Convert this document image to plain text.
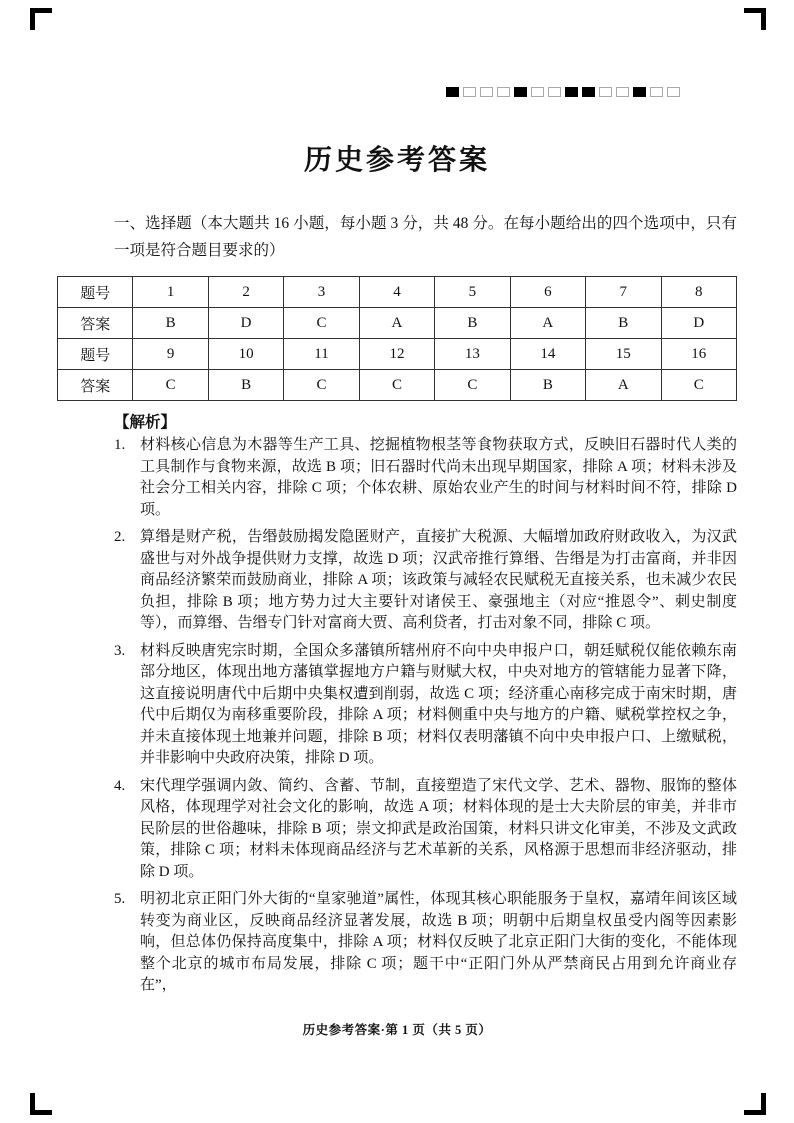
历史参考答案

一、选择题（本大题共 16 小题，每小题 3 分，共 48 分。在每小题给出的四个选项中，只有一项是符合题目要求的）

题号	1	2	3	4	5	6	7	8
答案	B	D	C	A	B	A	B	D
题号	9	10	11	12	13	14	15	16
答案	C	B	C	C	C	B	A	C

【解析】

1. 材料核心信息为木器等生产工具、挖掘植物根茎等食物获取方式，反映旧石器时代人类的工具制作与食物来源，故选 B 项；旧石器时代尚未出现早期国家，排除 A 项；材料未涉及社会分工相关内容，排除 C 项；个体农耕、原始农业产生的时间与材料时间不符，排除 D 项。
2. 算缗是财产税，告缗鼓励揭发隐匿财产，直接扩大税源、大幅增加政府财政收入，为汉武盛世与对外战争提供财力支撑，故选 D 项；汉武帝推行算缗、告缗是为打击富商，并非因商品经济繁荣而鼓励商业，排除 A 项；该政策与减轻农民赋税无直接关系，也未减少农民负担，排除 B 项；地方势力过大主要针对诸侯王、豪强地主（对应“推恩令”、刺史制度等），而算缗、告缗专门针对富商大贾、高利贷者，打击对象不同，排除 C 项。
3. 材料反映唐宪宗时期，全国众多藩镇所辖州府不向中央申报户口，朝廷赋税仅能依赖东南部分地区，体现出地方藩镇掌握地方户籍与财赋大权，中央对地方的管辖能力显著下降，这直接说明唐代中后期中央集权遭到削弱，故选 C 项；经济重心南移完成于南宋时期，唐代中后期仅为南移重要阶段，排除 A 项；材料侧重中央与地方的户籍、赋税掌控权之争，并未直接体现土地兼并问题，排除 B 项；材料仅表明藩镇不向中央申报户口、上缴赋税，并非影响中央政府决策，排除 D 项。
4. 宋代理学强调内敛、简约、含蓄、节制，直接塑造了宋代文学、艺术、器物、服饰的整体风格，体现理学对社会文化的影响，故选 A 项；材料体现的是士大夫阶层的审美，并非市民阶层的世俗趣味，排除 B 项；崇文抑武是政治国策，材料只讲文化审美，不涉及文武政策，排除 C 项；材料未体现商品经济与艺术革新的关系，风格源于思想而非经济驱动，排除 D 项。
5. 明初北京正阳门外大街的“皇家驰道”属性，体现其核心职能服务于皇权，嘉靖年间该区域转变为商业区，反映商品经济显著发展，故选 B 项；明朝中后期皇权虽受内阁等因素影响，但总体仍保持高度集中，排除 A 项；材料仅反映了北京正阳门大街的变化，不能体现整个北京的城市布局发展，排除 C 项；题干中“正阳门外从严禁商民占用到允许商业存在”，
历史参考答案·第 1 页（共 5 页）
